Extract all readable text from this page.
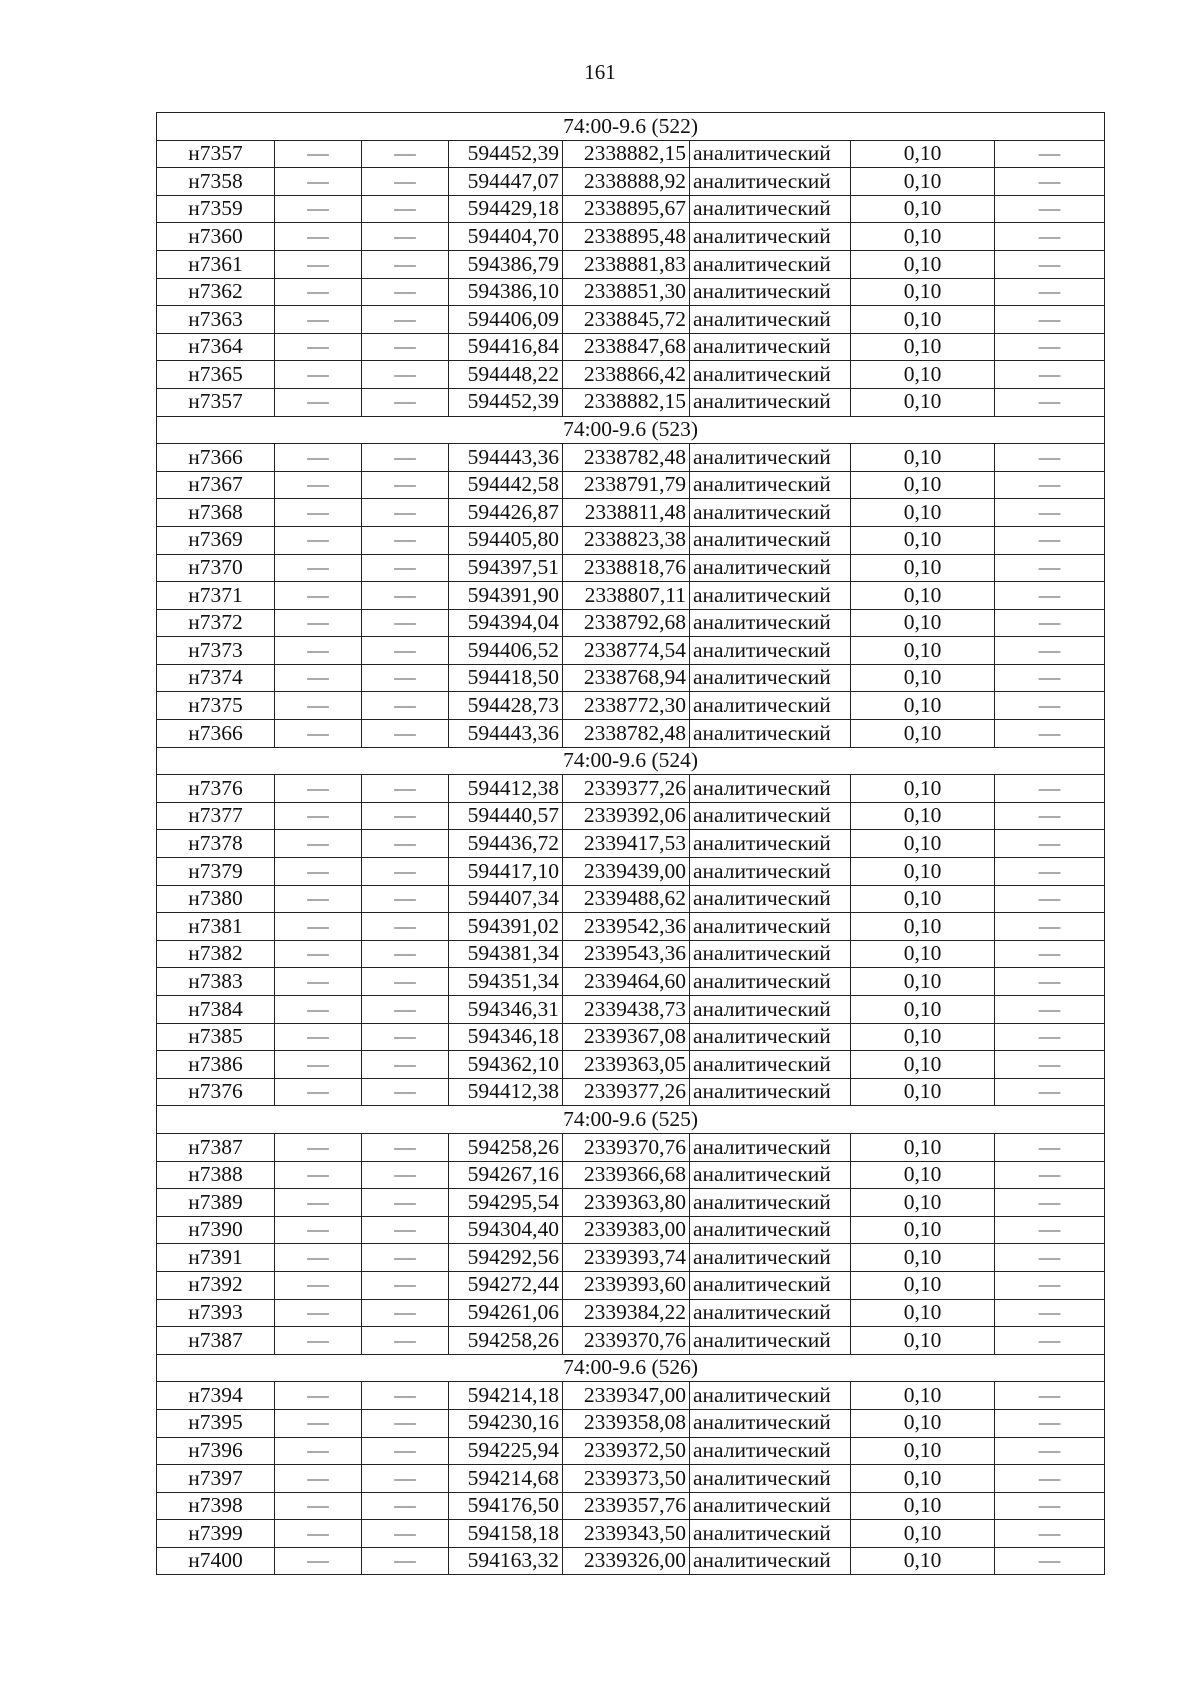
161
74:00-9.6 (522)							
н7357	—	—	594452,39	2338882,15	аналитический	0,10	—
н7358	—	—	594447,07	2338888,92	аналитический	0,10	—
н7359	—	—	594429,18	2338895,67	аналитический	0,10	—
н7360	—	—	594404,70	2338895,48	аналитический	0,10	—
н7361	—	—	594386,79	2338881,83	аналитический	0,10	—
н7362	—	—	594386,10	2338851,30	аналитический	0,10	—
н7363	—	—	594406,09	2338845,72	аналитический	0,10	—
н7364	—	—	594416,84	2338847,68	аналитический	0,10	—
н7365	—	—	594448,22	2338866,42	аналитический	0,10	—
н7357	—	—	594452,39	2338882,15	аналитический	0,10	—
74:00-9.6 (523)							
н7366	—	—	594443,36	2338782,48	аналитический	0,10	—
н7367	—	—	594442,58	2338791,79	аналитический	0,10	—
н7368	—	—	594426,87	2338811,48	аналитический	0,10	—
н7369	—	—	594405,80	2338823,38	аналитический	0,10	—
н7370	—	—	594397,51	2338818,76	аналитический	0,10	—
н7371	—	—	594391,90	2338807,11	аналитический	0,10	—
н7372	—	—	594394,04	2338792,68	аналитический	0,10	—
н7373	—	—	594406,52	2338774,54	аналитический	0,10	—
н7374	—	—	594418,50	2338768,94	аналитический	0,10	—
н7375	—	—	594428,73	2338772,30	аналитический	0,10	—
н7366	—	—	594443,36	2338782,48	аналитический	0,10	—
74:00-9.6 (524)							
н7376	—	—	594412,38	2339377,26	аналитический	0,10	—
н7377	—	—	594440,57	2339392,06	аналитический	0,10	—
н7378	—	—	594436,72	2339417,53	аналитический	0,10	—
н7379	—	—	594417,10	2339439,00	аналитический	0,10	—
н7380	—	—	594407,34	2339488,62	аналитический	0,10	—
н7381	—	—	594391,02	2339542,36	аналитический	0,10	—
н7382	—	—	594381,34	2339543,36	аналитический	0,10	—
н7383	—	—	594351,34	2339464,60	аналитический	0,10	—
н7384	—	—	594346,31	2339438,73	аналитический	0,10	—
н7385	—	—	594346,18	2339367,08	аналитический	0,10	—
н7386	—	—	594362,10	2339363,05	аналитический	0,10	—
н7376	—	—	594412,38	2339377,26	аналитический	0,10	—
74:00-9.6 (525)							
н7387	—	—	594258,26	2339370,76	аналитический	0,10	—
н7388	—	—	594267,16	2339366,68	аналитический	0,10	—
н7389	—	—	594295,54	2339363,80	аналитический	0,10	—
н7390	—	—	594304,40	2339383,00	аналитический	0,10	—
н7391	—	—	594292,56	2339393,74	аналитический	0,10	—
н7392	—	—	594272,44	2339393,60	аналитический	0,10	—
н7393	—	—	594261,06	2339384,22	аналитический	0,10	—
н7387	—	—	594258,26	2339370,76	аналитический	0,10	—
74:00-9.6 (526)							
н7394	—	—	594214,18	2339347,00	аналитический	0,10	—
н7395	—	—	594230,16	2339358,08	аналитический	0,10	—
н7396	—	—	594225,94	2339372,50	аналитический	0,10	—
н7397	—	—	594214,68	2339373,50	аналитический	0,10	—
н7398	—	—	594176,50	2339357,76	аналитический	0,10	—
н7399	—	—	594158,18	2339343,50	аналитический	0,10	—
н7400	—	—	594163,32	2339326,00	аналитический	0,10	—
